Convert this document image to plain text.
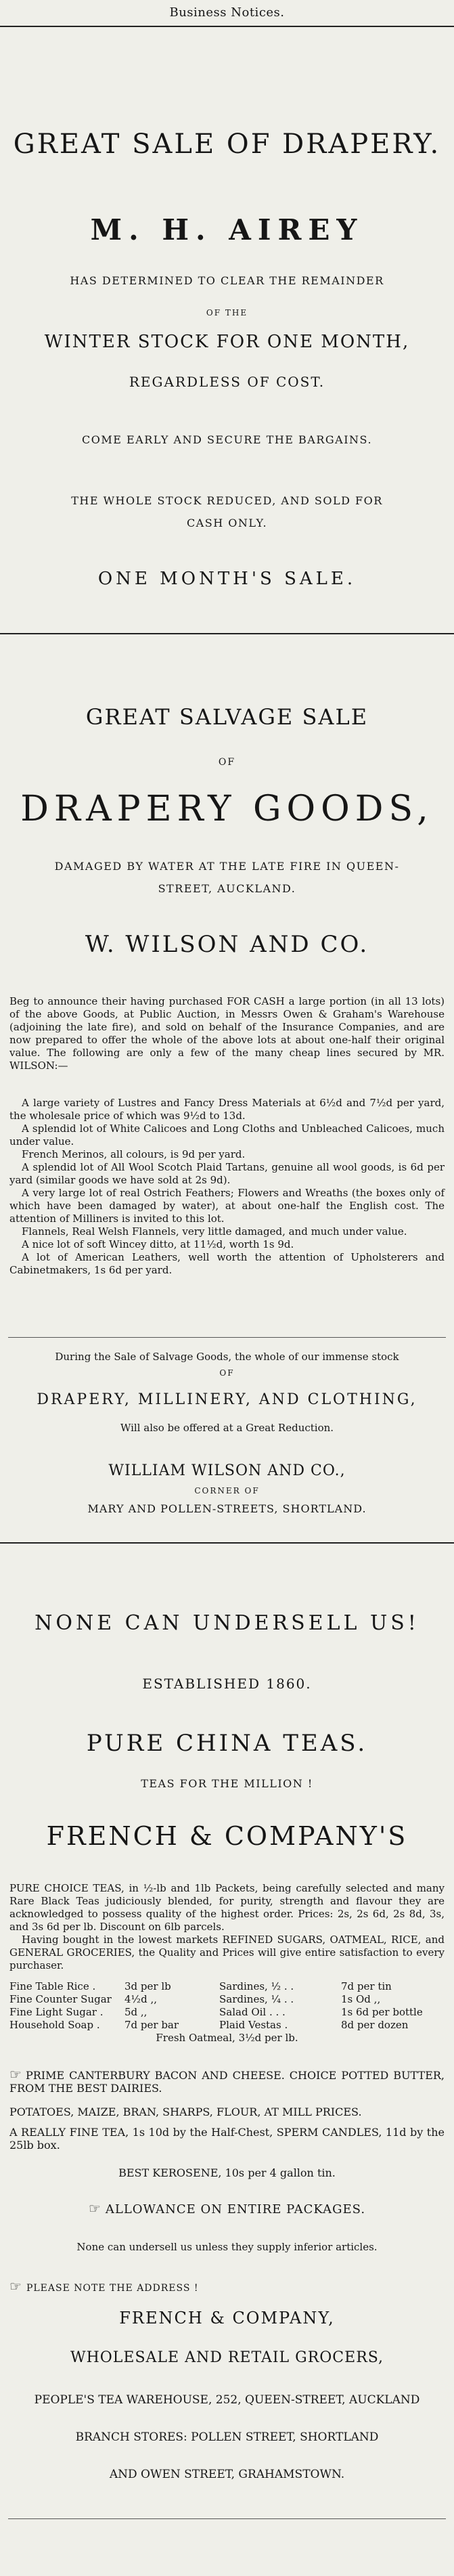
Business Notices.
GREAT SALE OF DRAPERY.
M. H. AIREY
HAS DETERMINED TO CLEAR THE REMAINDER
OF THE
WINTER STOCK FOR ONE MONTH,
REGARDLESS OF COST.
COME EARLY AND SECURE THE BARGAINS.
THE WHOLE STOCK REDUCED, AND SOLD FOR
CASH ONLY.
ONE MONTH'S SALE.
GREAT SALVAGE SALE
OF
DRAPERY GOODS,
DAMAGED BY WATER AT THE LATE FIRE IN QUEEN-
STREET, AUCKLAND.
W. WILSON AND CO.
Beg to announce their having purchased FOR CASH a large portion (in all 13 lots) of the above Goods, at Public Auction, in Messrs Owen & Graham's Warehouse (adjoining the late fire), and sold on behalf of the Insurance Companies, and are now prepared to offer the whole of the above lots at about one-half their original value. The following are only a few of the many cheap lines secured by MR. WILSON:—
A large variety of Lustres and Fancy Dress Materials at 6½d and 7½d per yard, the wholesale price of which was 9½d to 13d.
A splendid lot of White Calicoes and Long Cloths and Unbleached Calicoes, much under value.
French Merinos, all colours, is 9d per yard.
A splendid lot of All Wool Scotch Plaid Tartans, genuine all wool goods, is 6d per yard (similar goods we have sold at 2s 9d).
A very large lot of real Ostrich Feathers; Flowers and Wreaths (the boxes only of which have been damaged by water), at about one-half the English cost. The attention of Milliners is invited to this lot.
Flannels, Real Welsh Flannels, very little damaged, and much under value.
A nice lot of soft Wincey ditto, at 11½d, worth 1s 9d.
A lot of American Leathers, well worth the attention of Upholsterers and Cabinetmakers, 1s 6d per yard.
During the Sale of Salvage Goods, the whole of our immense stock
OF
DRAPERY, MILLINERY, AND CLOTHING,
Will also be offered at a Great Reduction.
WILLIAM WILSON AND CO.,
CORNER OF
MARY AND POLLEN-STREETS, SHORTLAND.
NONE CAN UNDERSELL US!
ESTABLISHED 1860.
PURE CHINA TEAS.
TEAS FOR THE MILLION !
FRENCH & COMPANY'S
PURE CHOICE TEAS, in ½-lb and 1lb Packets, being carefully selected and many Rare Black Teas judiciously blended, for purity, strength and flavour they are acknowledged to possess quality of the highest order. Prices: 2s, 2s 6d, 2s 8d, 3s, and 3s 6d per lb. Discount on 6lb parcels.
Having bought in the lowest markets REFINED SUGARS, OATMEAL, RICE, and GENERAL GROCERIES, the Quality and Prices will give entire satisfaction to every purchaser.
Fine Table Rice .	3d per lb	Sardines, ½ . .	7d per tin
Fine Counter Sugar	4½d ,,	Sardines, ¼ . .	1s Od ,,
Fine Light Sugar .	5d ,,	Salad Oil . . .	1s 6d per bottle
Household Soap .	7d per bar	Plaid Vestas .	8d per dozen
Fresh Oatmeal, 3½d per lb.
☞ PRIME CANTERBURY BACON AND CHEESE. CHOICE POTTED BUTTER, FROM THE BEST DAIRIES.
POTATOES, MAIZE, BRAN, SHARPS, FLOUR, AT MILL PRICES.
A REALLY FINE TEA, 1s 10d by the Half-Chest, SPERM CANDLES, 11d by the 25lb box.
BEST KEROSENE, 10s per 4 gallon tin.
☞ ALLOWANCE ON ENTIRE PACKAGES.
None can undersell us unless they supply inferior articles.
☞ PLEASE NOTE THE ADDRESS !
FRENCH & COMPANY,
WHOLESALE AND RETAIL GROCERS,
PEOPLE'S TEA WAREHOUSE, 252, QUEEN-STREET, AUCKLAND
BRANCH STORES: POLLEN STREET, SHORTLAND
AND OWEN STREET, GRAHAMSTOWN.
